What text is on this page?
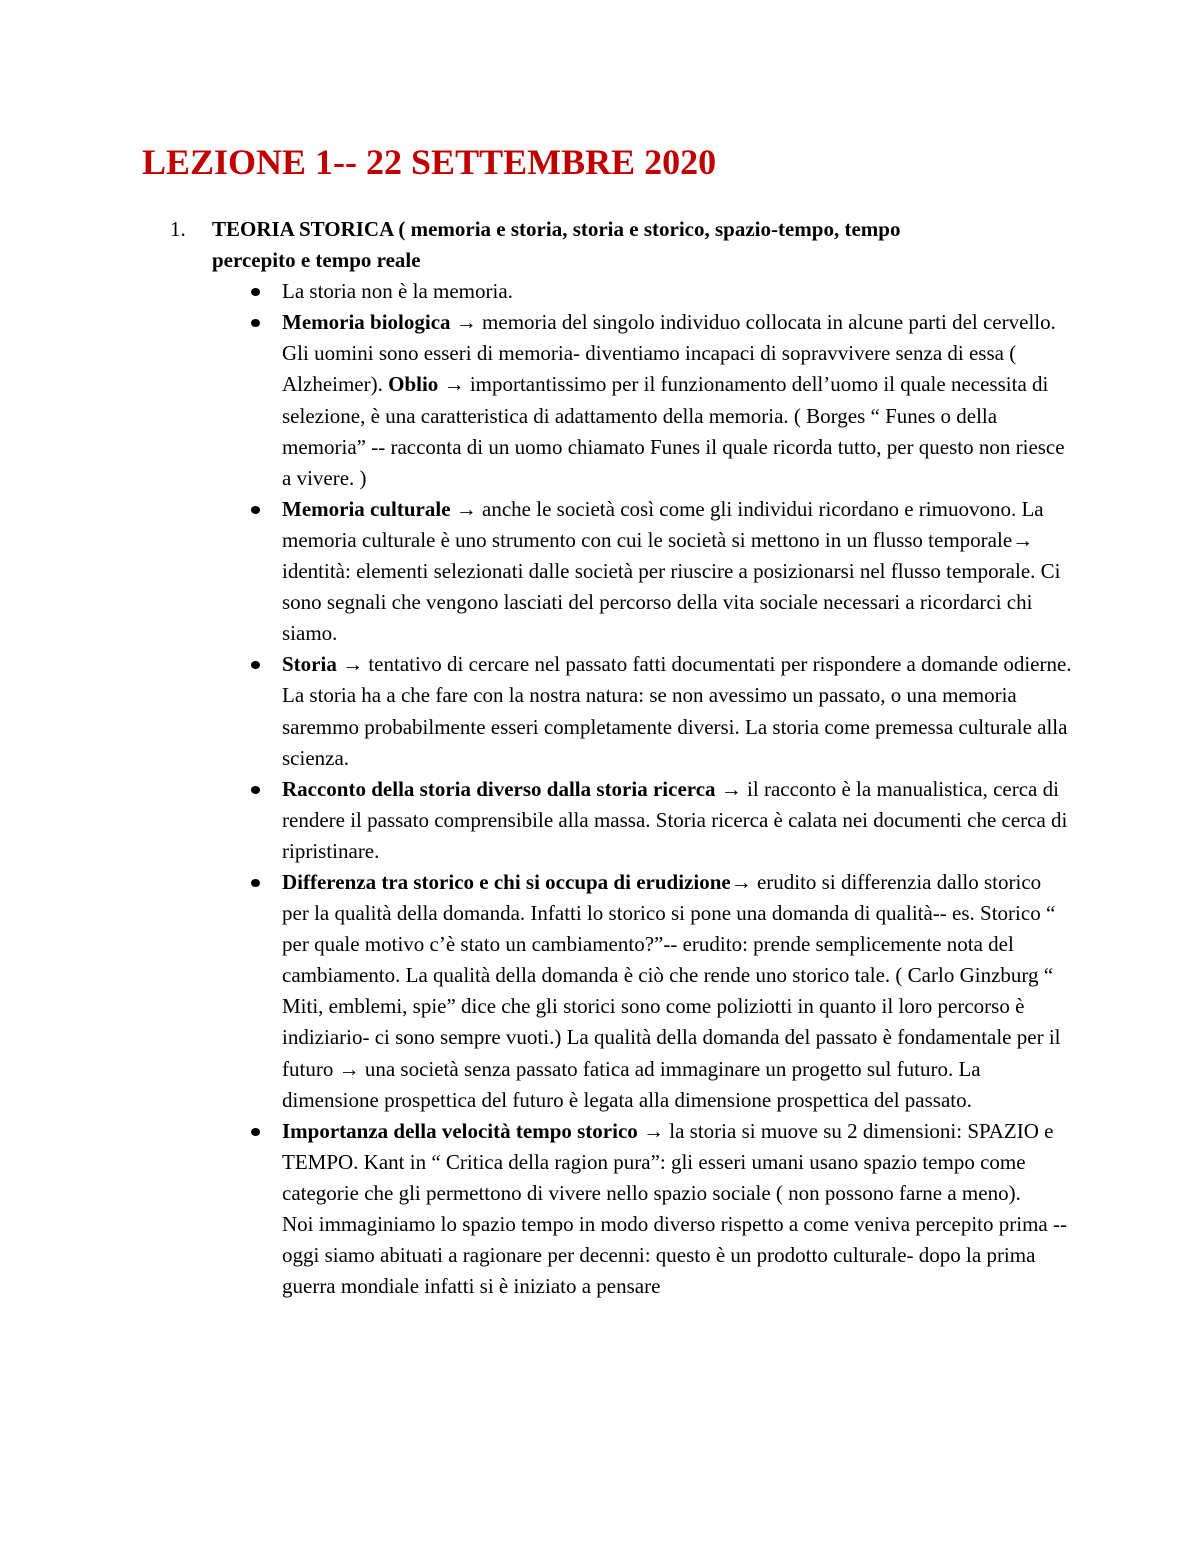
LEZIONE 1-- 22 SETTEMBRE 2020
1. TEORIA STORICA ( memoria e storia, storia e storico, spazio-tempo, tempo
percepito e tempo reale
La storia non è la memoria.
Memoria biologica → memoria del singolo individuo collocata in alcune parti del cervello. Gli uomini sono esseri di memoria- diventiamo incapaci di sopravvivere senza di essa ( Alzheimer). Oblio → importantissimo per il funzionamento dell’uomo il quale necessita di selezione, è una caratteristica di adattamento della memoria. ( Borges “ Funes o della memoria” -- racconta di un uomo chiamato Funes il quale ricorda tutto, per questo non riesce a vivere. )
Memoria culturale → anche le società così come gli individui ricordano e rimuovono. La memoria culturale è uno strumento con cui le società si mettono in un flusso temporale→ identità: elementi selezionati dalle società per riuscire a posizionarsi nel flusso temporale. Ci sono segnali che vengono lasciati del percorso della vita sociale necessari a ricordarci chi siamo.
Storia → tentativo di cercare nel passato fatti documentati per rispondere a domande odierne. La storia ha a che fare con la nostra natura: se non avessimo un passato, o una memoria saremmo probabilmente esseri completamente diversi. La storia come premessa culturale alla scienza.
Racconto della storia diverso dalla storia ricerca → il racconto è la manualistica, cerca di rendere il passato comprensibile alla massa. Storia ricerca è calata nei documenti che cerca di ripristinare.
Differenza tra storico e chi si occupa di erudizione→ erudito si differenzia dallo storico per la qualità della domanda. Infatti lo storico si pone una domanda di qualità-- es. Storico “ per quale motivo c’è stato un cambiamento?”-- erudito: prende semplicemente nota del cambiamento. La qualità della domanda è ciò che rende uno storico tale. ( Carlo Ginzburg “ Miti, emblemi, spie” dice che gli storici sono come poliziotti in quanto il loro percorso è indiziario- ci sono sempre vuoti.) La qualità della domanda del passato è fondamentale per il futuro → una società senza passato fatica ad immaginare un progetto sul futuro. La dimensione prospettica del futuro è legata alla dimensione prospettica del passato.
Importanza della velocità tempo storico → la storia si muove su 2 dimensioni: SPAZIO e TEMPO. Kant in “ Critica della ragion pura”: gli esseri umani usano spazio tempo come categorie che gli permettono di vivere nello spazio sociale ( non possono farne a meno).
Noi immaginiamo lo spazio tempo in modo diverso rispetto a come veniva percepito prima -- oggi siamo abituati a ragionare per decenni: questo è un prodotto culturale- dopo la prima guerra mondiale infatti si è iniziato a pensare
